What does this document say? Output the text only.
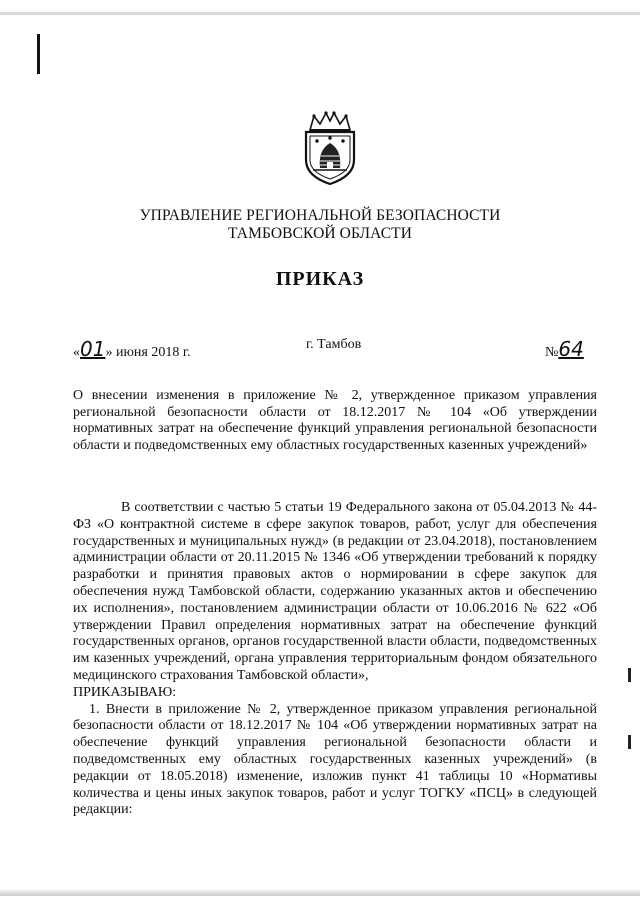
УПРАВЛЕНИЕ РЕГИОНАЛЬНОЙ БЕЗОПАСНОСТИ
ТАМБОВСКОЙ ОБЛАСТИ
ПРИКАЗ
«01» июня 2018 г.
г. Тамбов
№64
О внесении изменения в приложение № 2, утвержденное приказом управления региональной безопасности области от 18.12.2017 № 104 «Об утверждении нормативных затрат на обеспечение функций управления региональной безопасности области и подведомственных ему областных государственных казенных учреждений»

В соответствии с частью 5 статьи 19 Федерального закона от 05.04.2013 № 44-ФЗ «О контрактной системе в сфере закупок товаров, работ, услуг для обеспечения государственных и муниципальных нужд» (в редакции от 23.04.2018), постановлением администрации области от 20.11.2015 № 1346 «Об утверждении требований к порядку разработки и принятия правовых актов о нормировании в сфере закупок для обеспечения нужд Тамбовской области, содержанию указанных актов и обеспечению их исполнения», постановлением администрации области от 10.06.2016 № 622 «Об утверждении Правил определения нормативных затрат на обеспечение функций государственных органов, органов государственной власти области, подведомственных им казенных учреждений, органа управления территориальным фондом обязательного медицинского страхования Тамбовской области»,

ПРИКАЗЫВАЮ:

1. Внести в приложение № 2, утвержденное приказом управления региональной безопасности области от 18.12.2017 № 104 «Об утверждении нормативных затрат на обеспечение функций управления региональной безопасности области и подведомственных ему областных государственных казенных учреждений» (в редакции от 18.05.2018) изменение, изложив пункт 41 таблицы 10 «Нормативы количества и цены иных закупок товаров, работ и услуг ТОГКУ «ПСЦ» в следующей редакции:
